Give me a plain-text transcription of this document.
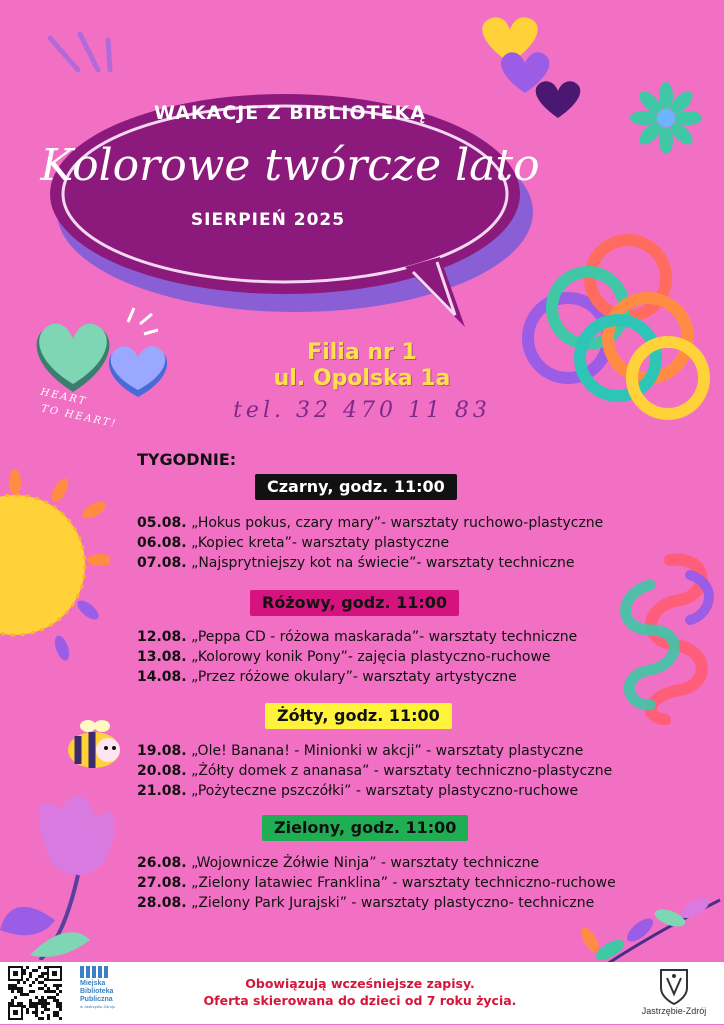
WAKACJE Z BIBLIOTEKĄ
Kolorowe twórcze lato
SIERPIEŃ 2025
HEART
TO HEART!
Filia nr 1
ul. Opolska 1a
tel. 32 470 11 83
TYGODNIE:
Czarny, godz. 11:00
05.08. „Hokus pokus, czary mary”- warsztaty ruchowo-plastyczne
06.08. „Kopiec kreta”- warsztaty plastyczne
07.08. „Najsprytniejszy kot na świecie”- warsztaty techniczne
Różowy, godz. 11:00
12.08. „Peppa CD - różowa maskarada”- warsztaty techniczne
13.08. „Kolorowy konik Pony”- zajęcia plastyczno-ruchowe
14.08. „Przez różowe okulary”- warsztaty artystyczne
Żółty, godz. 11:00
19.08. „Ole! Banana! - Minionki w akcji” - warsztaty plastyczne
20.08. „Żółty domek z ananasa” - warsztaty techniczno-plastyczne
21.08. „Pożyteczne pszczółki” - warsztaty plastyczno-ruchowe
Zielony, godz. 11:00
26.08. „Wojownicze Żółwie Ninja” - warsztaty techniczne
27.08. „Zielony latawiec Franklina” - warsztaty techniczno-ruchowe
28.08. „Zielony Park Jurajski” - warsztaty plastyczno- techniczne
Miejska
Biblioteka
Publiczna
w Jastrzębiu-Zdroju
Obowiązują wcześniejsze zapisy.
Oferta skierowana do dzieci od 7 roku życia.
Jastrzębie-Zdrój
